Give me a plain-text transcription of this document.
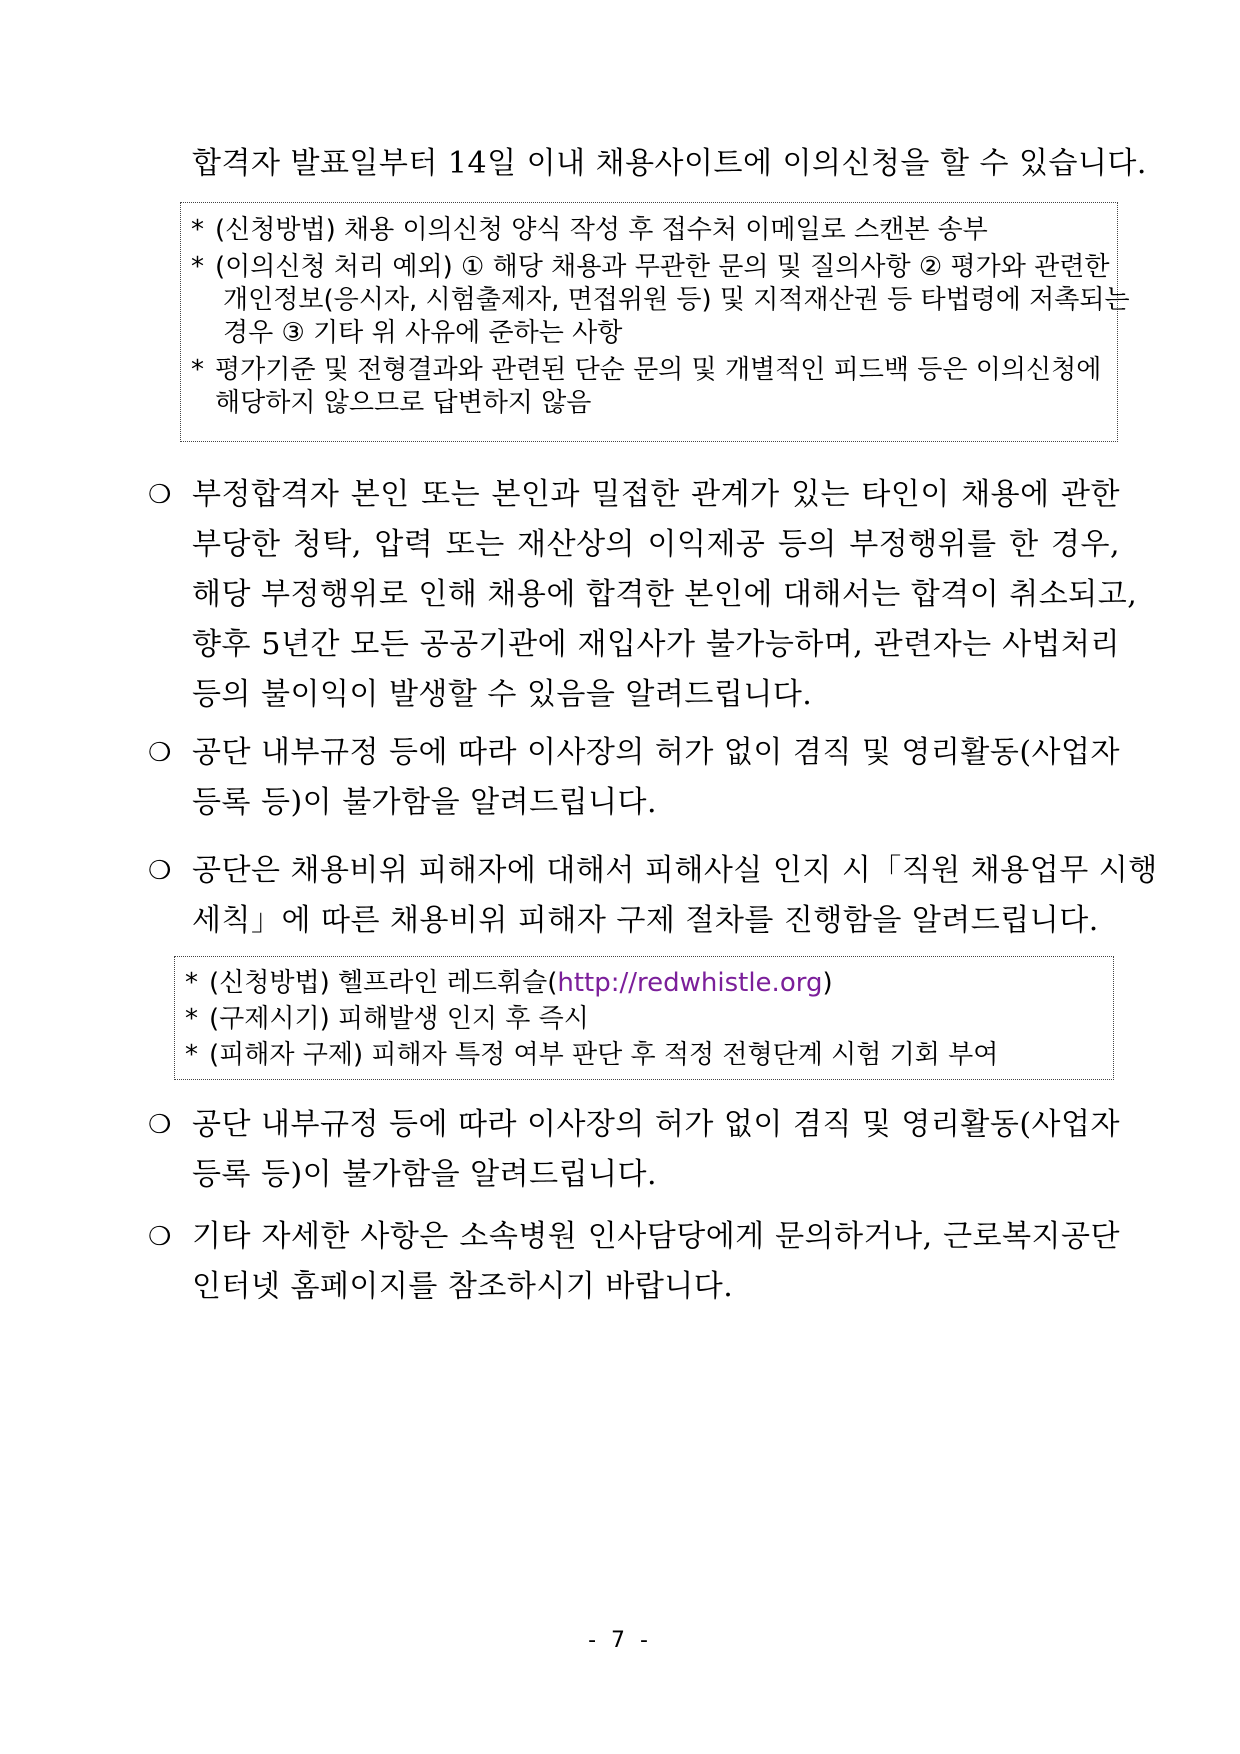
합격자 발표일부터 14일 이내 채용사이트에 이의신청을 할 수 있습니다.
* (신청방법) 채용 이의신청 양식 작성 후 접수처 이메일로 스캔본 송부
* (이의신청 처리 예외) ① 해당 채용과 무관한 문의 및 질의사항 ② 평가와 관련한
개인정보(응시자, 시험출제자, 면접위원 등) 및 지적재산권 등 타법령에 저촉되는
경우 ③ 기타 위 사유에 준하는 사항
* 평가기준 및 전형결과와 관련된 단순 문의 및 개별적인 피드백 등은 이의신청에
해당하지 않으므로 답변하지 않음
❍ 부정합격자 본인 또는 본인과 밀접한 관계가 있는 타인이 채용에 관한
부당한 청탁, 압력 또는 재산상의 이익제공 등의 부정행위를 한 경우,
해당 부정행위로 인해 채용에 합격한 본인에 대해서는 합격이 취소되고,
향후 5년간 모든 공공기관에 재입사가 불가능하며, 관련자는 사법처리
등의 불이익이 발생할 수 있음을 알려드립니다.
❍ 공단 내부규정 등에 따라 이사장의 허가 없이 겸직 및 영리활동(사업자
등록 등)이 불가함을 알려드립니다.
❍ 공단은 채용비위 피해자에 대해서 피해사실 인지 시「직원 채용업무 시행
세칙」에 따른 채용비위 피해자 구제 절차를 진행함을 알려드립니다.
* (신청방법) 헬프라인 레드휘슬(http://redwhistle.org)
* (구제시기) 피해발생 인지 후 즉시
* (피해자 구제) 피해자 특정 여부 판단 후 적정 전형단계 시험 기회 부여
❍ 공단 내부규정 등에 따라 이사장의 허가 없이 겸직 및 영리활동(사업자
등록 등)이 불가함을 알려드립니다.
❍ 기타 자세한 사항은 소속병원 인사담당에게 문의하거나, 근로복지공단
인터넷 홈페이지를 참조하시기 바랍니다.
- 7 -
